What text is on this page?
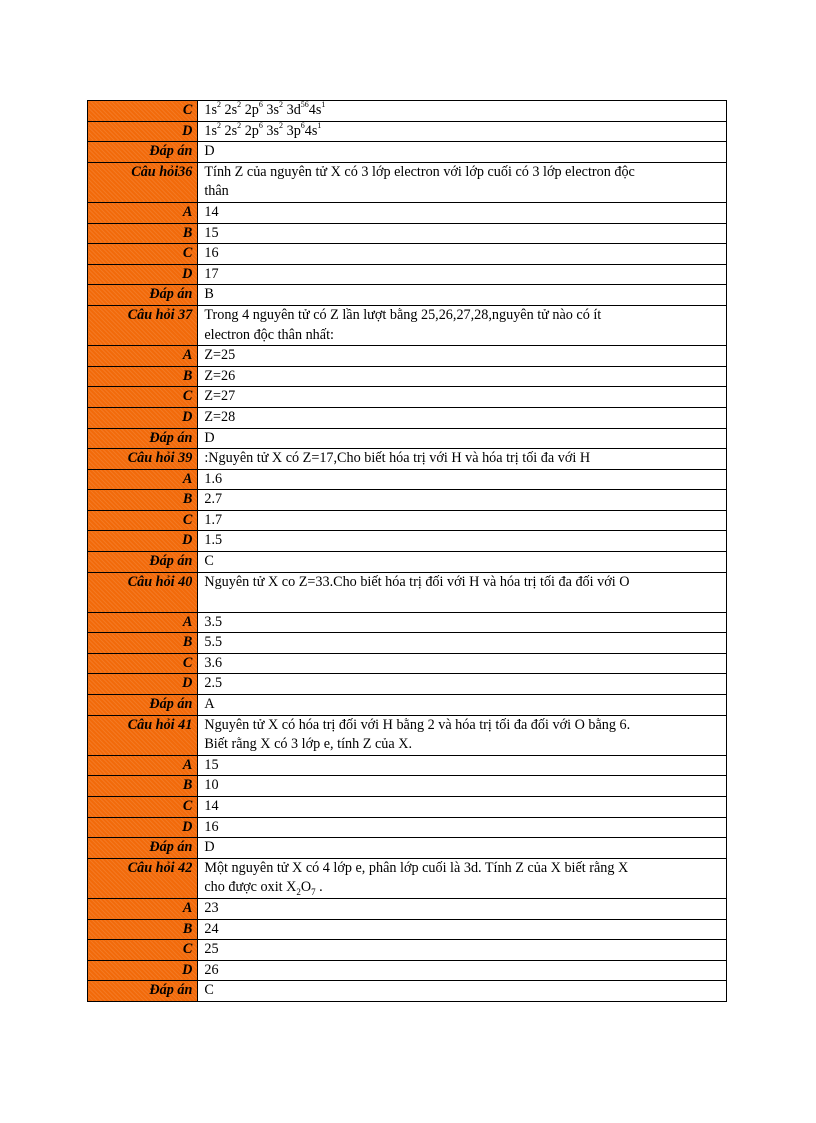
C	$1s^2$ $2s^2$ $2p^6$ $3s^2$ $3d^{56}4s^1$

D	$1s^2$ $2s^2$ $2p^6$ $3s^2$ $3p^64s^1$

Đáp án	D

Câu hỏi36	Tính Z của nguyên tử X có 3 lớp electron với lớp cuối có 3 lớp electron độc thân

A	14

B	15

C	16

D	17

Đáp án	B

Câu hỏi 37	Trong 4 nguyên tử có Z lần lượt bằng 25,26,27,28,nguyên tử nào có ít electron độc thân nhất:

A	Z=25

B	Z=26

C	Z=27

D	Z=28

Đáp án	D

Câu hỏi 39	:Nguyên tử X có Z=17,Cho biết hóa trị với H và hóa trị tối đa với H

A	1.6

B	2.7

C	1.7

D	1.5

Đáp án	C

Câu hỏi 40	Nguyên tử X co Z=33.Cho biết hóa trị đối với H và hóa trị tối đa đối với O

A	3.5

B	5.5

C	3.6

D	2.5

Đáp án	A

Câu hỏi 41	Nguyên tử X có hóa trị đối với H bằng 2 và hóa trị tối đa đối với O bằng 6. Biết rằng X có 3 lớp e, tính Z của X.

A	15

B	10

C	14

D	16

Đáp án	D

Câu hỏi 42	Một nguyên tử X có 4 lớp e, phân lớp cuối là 3d. Tính Z của X biết rằng X cho được oxit $X_2O_7$ .

A	23

B	24

C	25

D	26

Đáp án	C
